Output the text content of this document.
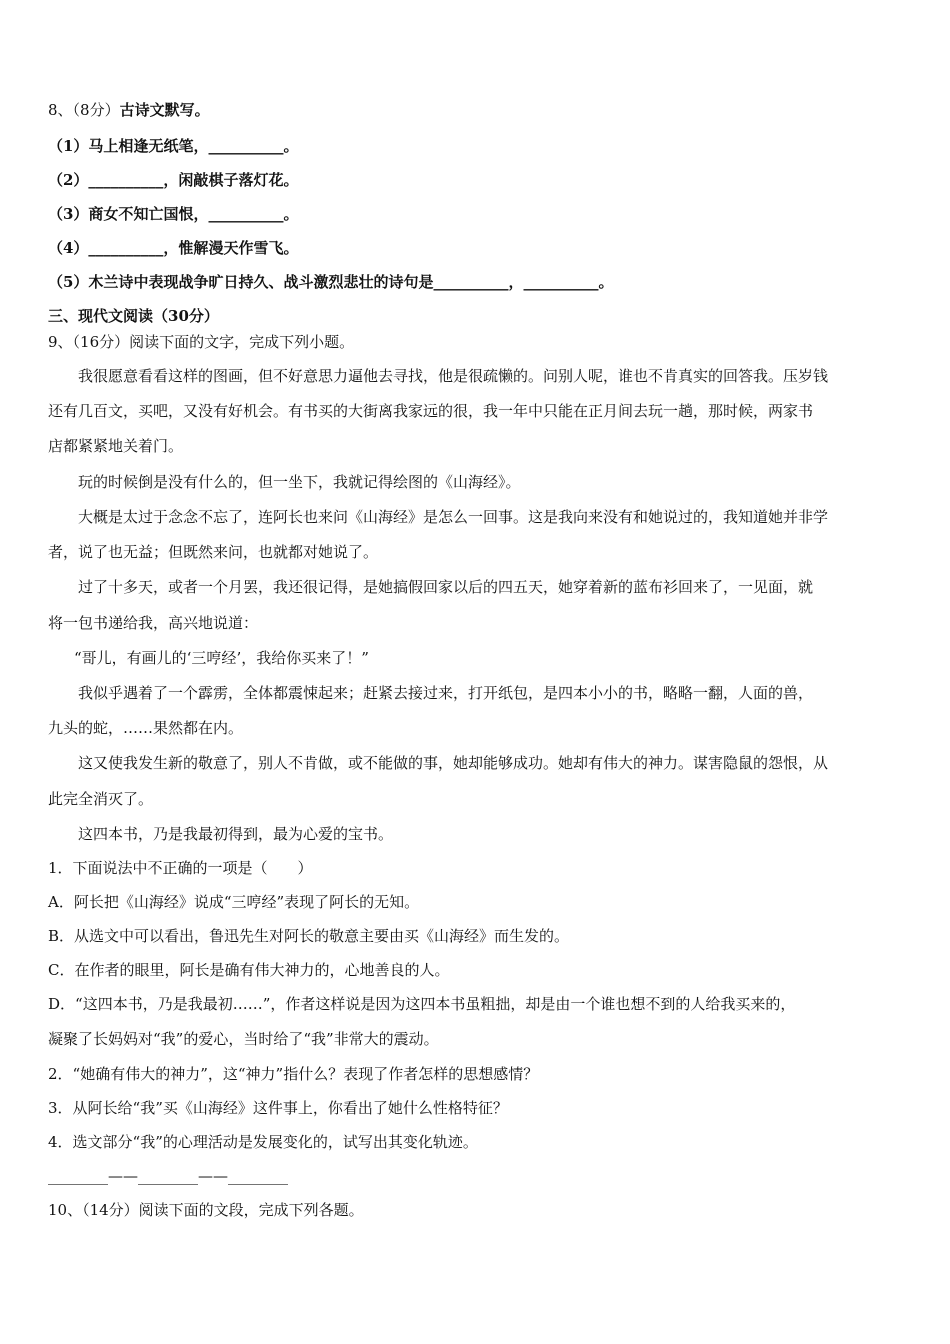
8、（8分）古诗文默写。
（1）马上相逢无纸笔，__________。
（2）__________，闲敲棋子落灯花。
（3）商女不知亡国恨，__________。
（4）__________，惟解漫天作雪飞。
（5）木兰诗中表现战争旷日持久、战斗激烈悲壮的诗句是__________，__________。
三、现代文阅读（30分）
9、（16分）阅读下面的文字，完成下列小题。
我很愿意看看这样的图画，但不好意思力逼他去寻找，他是很疏懒的。问别人呢，谁也不肯真实的回答我。压岁钱
还有几百文，买吧，又没有好机会。有书买的大街离我家远的很，我一年中只能在正月间去玩一趟，那时候，两家书
店都紧紧地关着门。
玩的时候倒是没有什么的，但一坐下，我就记得绘图的《山海经》。
大概是太过于念念不忘了，连阿长也来问《山海经》是怎么一回事。这是我向来没有和她说过的，我知道她并非学
者，说了也无益；但既然来问，也就都对她说了。
过了十多天，或者一个月罢，我还很记得，是她搞假回家以后的四五天，她穿着新的蓝布衫回来了，一见面，就
将一包书递给我，高兴地说道：
“哥儿，有画儿的‘三哼经’，我给你买来了！”
我似乎遇着了一个霹雳，全体都震悚起来；赶紧去接过来，打开纸包，是四本小小的书，略略一翻，人面的兽，
九头的蛇，……果然都在内。
这又使我发生新的敬意了，别人不肯做，或不能做的事，她却能够成功。她却有伟大的神力。谋害隐鼠的怨恨，从
此完全消灭了。
这四本书，乃是我最初得到，最为心爱的宝书。
1．下面说法中不正确的一项是（　　）
A．阿长把《山海经》说成“三哼经”表现了阿长的无知。
B．从选文中可以看出，鲁迅先生对阿长的敬意主要由买《山海经》而生发的。
C．在作者的眼里，阿长是确有伟大神力的，心地善良的人。
D．“这四本书，乃是我最初……”，作者这样说是因为这四本书虽粗拙，却是由一个谁也想不到的人给我买来的，
凝聚了长妈妈对“我”的爱心，当时给了“我”非常大的震动。
2．“她确有伟大的神力”，这“神力”指什么？表现了作者怎样的思想感情？
3．从阿长给“我”买《山海经》这件事上，你看出了她什么性格特征？
4．选文部分“我”的心理活动是发展变化的，试写出其变化轨迹。
________——________——________
10、（14分）阅读下面的文段，完成下列各题。
